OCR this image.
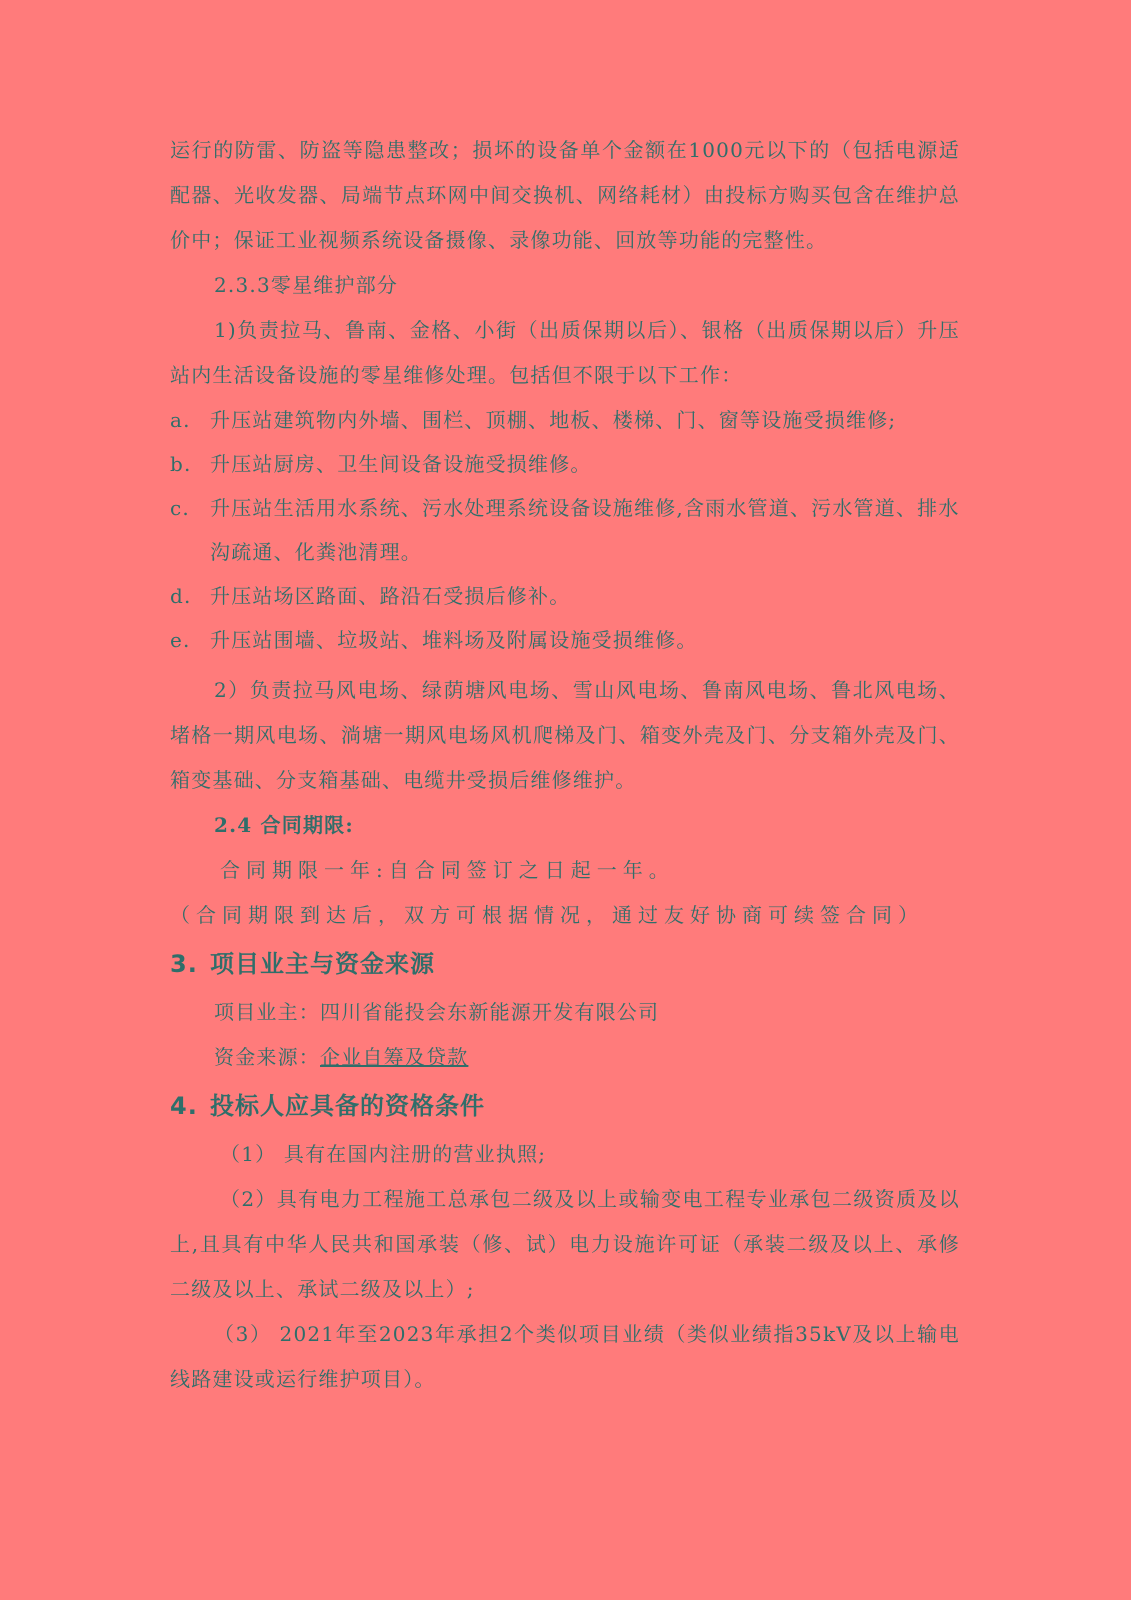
运行的防雷、防盗等隐患整改；损坏的设备单个金额在1000元以下的（包括电源适配器、光收发器、局端节点环网中间交换机、网络耗材）由投标方购买包含在维护总价中；保证工业视频系统设备摄像、录像功能、回放等功能的完整性。

2.3.3零星维护部分

1)负责拉马、鲁南、金格、小街（出质保期以后）、银格（出质保期以后）升压站内生活设备设施的零星维修处理。包括但不限于以下工作：

a. 升压站建筑物内外墙、围栏、顶棚、地板、楼梯、门、窗等设施受损维修;
b. 升压站厨房、卫生间设备设施受损维修。
c.	升压站生活用水系统、污水处理系统设备设施维修,含雨水管道、污水管道、排水沟疏通、化粪池清理。
d. 升压站场区路面、路沿石受损后修补。
e. 升压站围墙、垃圾站、堆料场及附属设施受损维修。

2）负责拉马风电场、绿荫塘风电场、雪山风电场、鲁南风电场、鲁北风电场、堵格一期风电场、淌塘一期风电场风机爬梯及门、箱变外壳及门、分支箱外壳及门、箱变基础、分支箱基础、电缆井受损后维修维护。

2.4 合同期限:

合同期限一年:自合同签订之日起一年。

（合同期限到达后，双方可根据情况，通过友好协商可续签合同）

3. 项目业主与资金来源

项目业主：四川省能投会东新能源开发有限公司

资金来源：企业自筹及贷款

4. 投标人应具备的资格条件

（1） 具有在国内注册的营业执照;

（2）具有电力工程施工总承包二级及以上或输变电工程专业承包二级资质及以上,且具有中华人民共和国承装（修、试）电力设施许可证（承装二级及以上、承修二级及以上、承试二级及以上）;

（3） 2021年至2023年承担2个类似项目业绩（类似业绩指35kV及以上输电线路建设或运行维护项目）。
